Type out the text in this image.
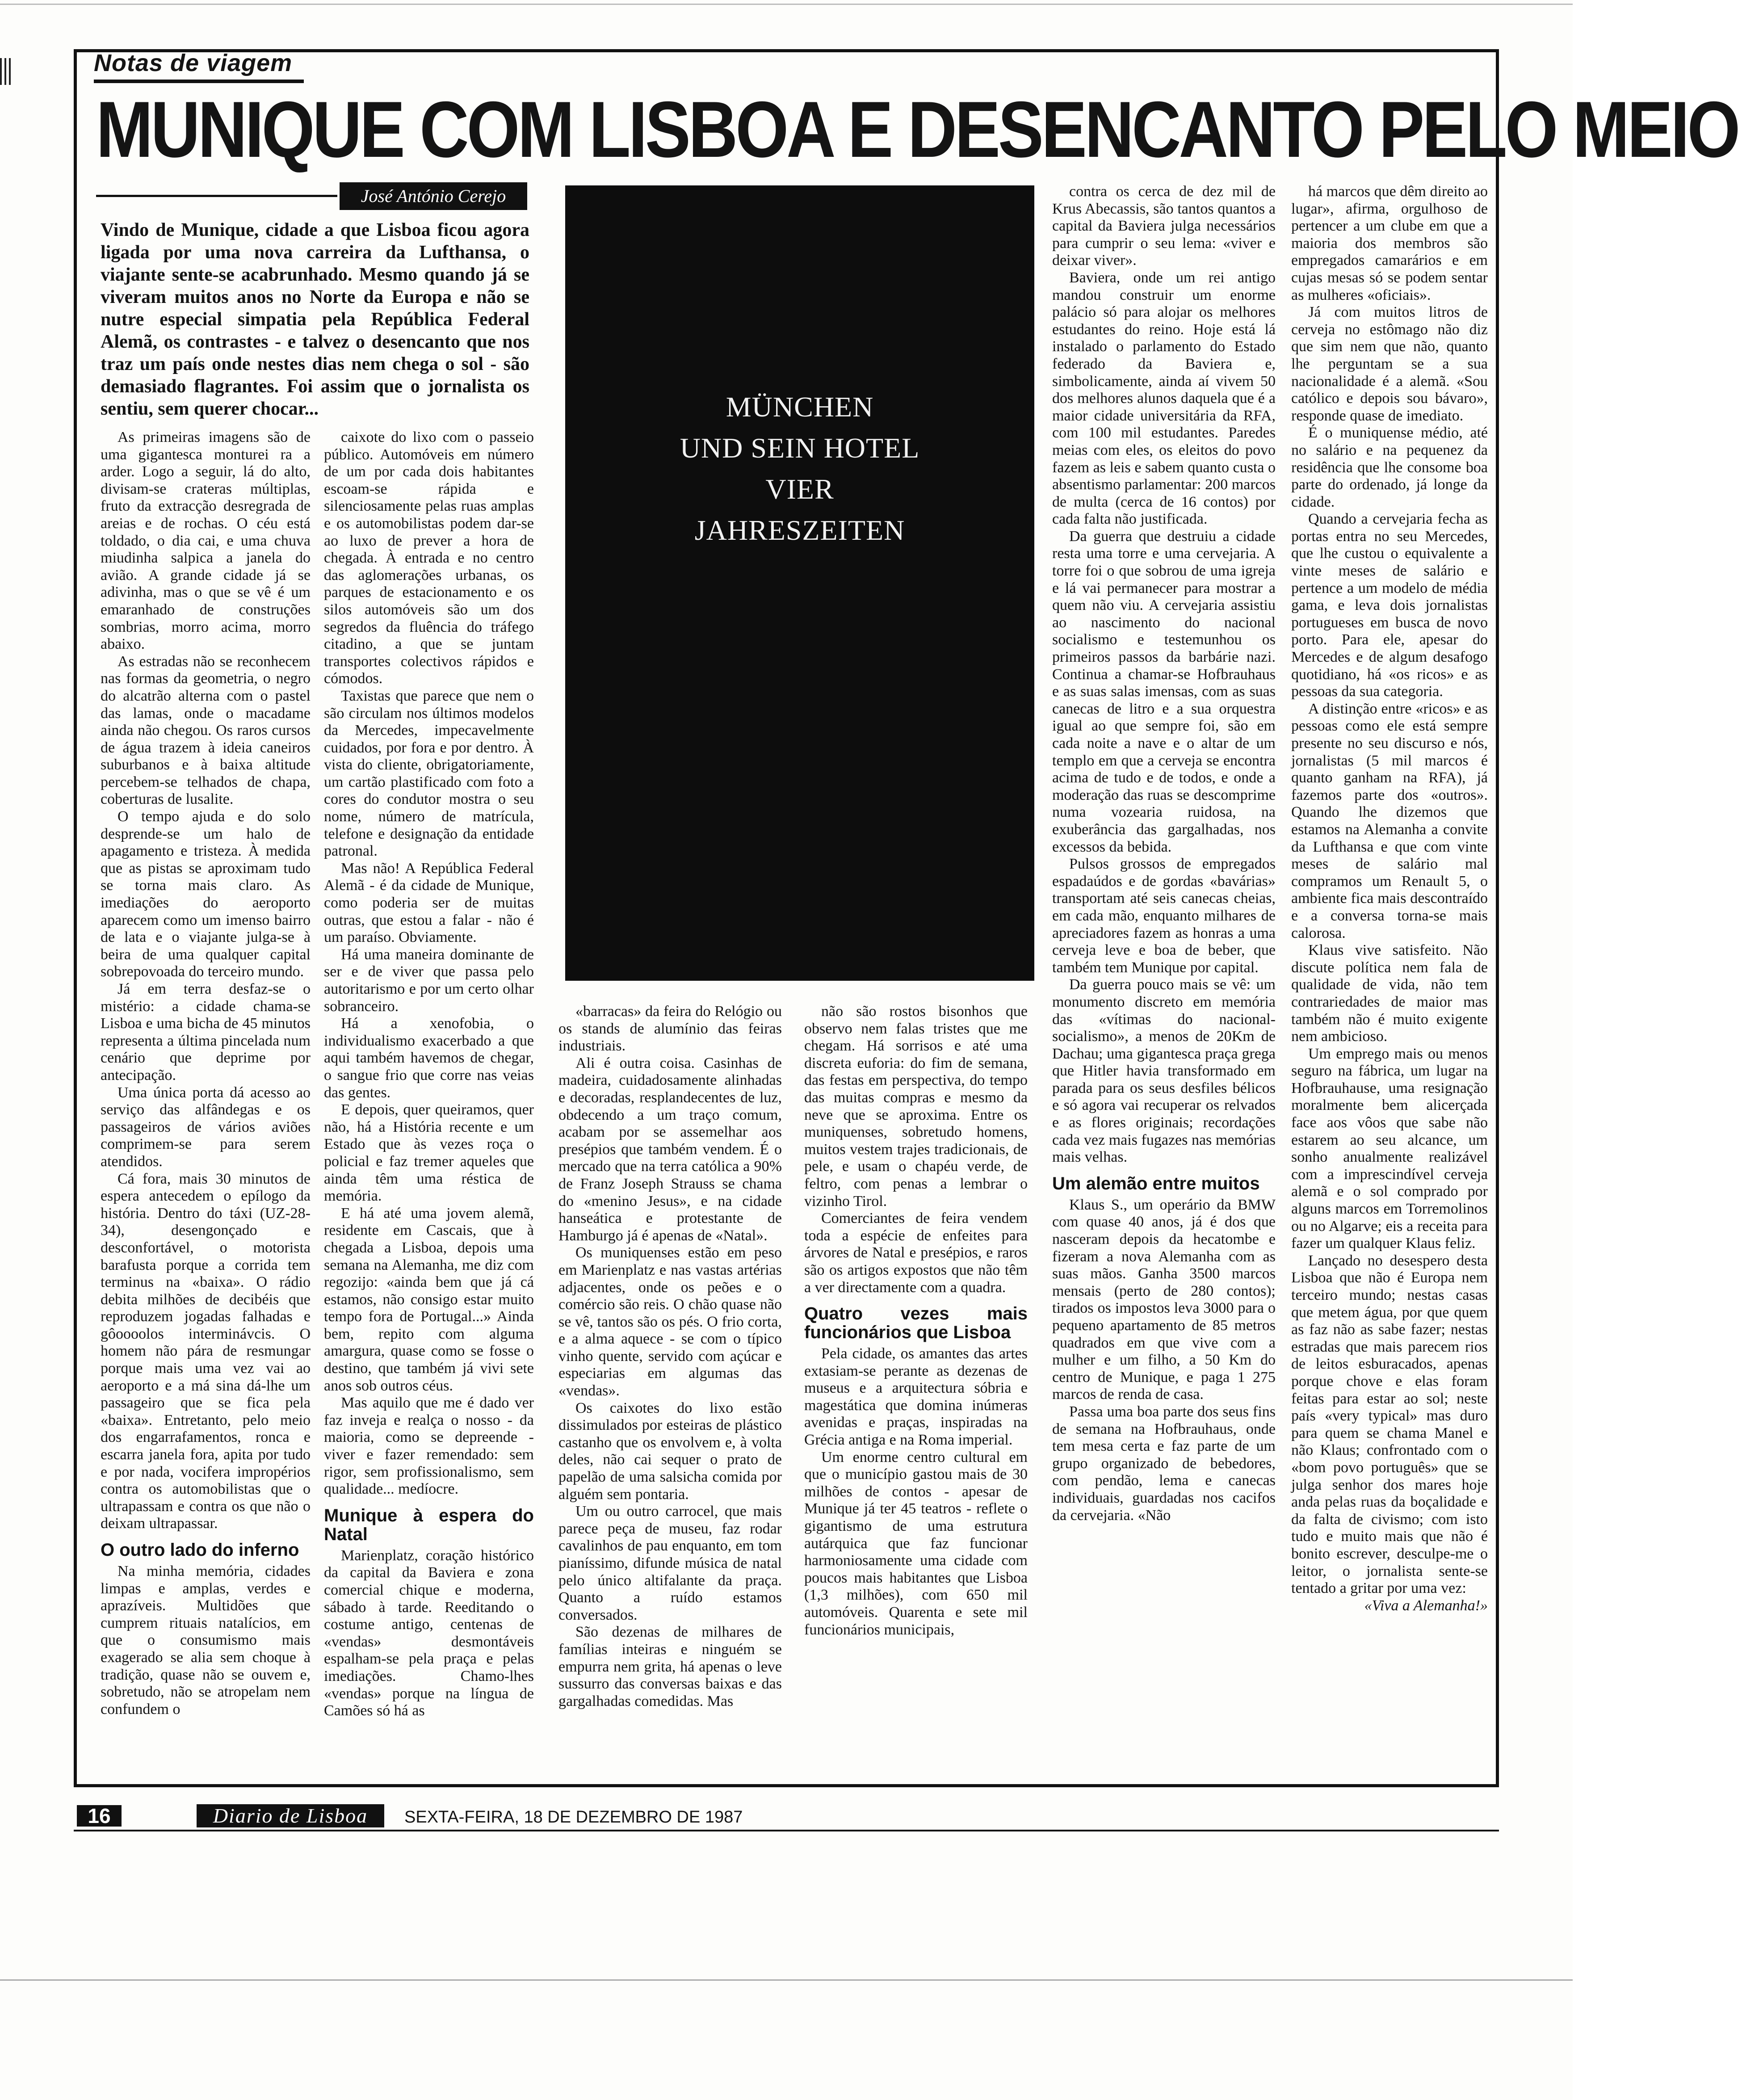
Notas de viagem
MUNIQUE COM LISBOA E DESENCANTO PELO MEIO
José António Cerejo
Vindo de Munique, cidade a que Lisboa ficou agora ligada por uma nova carreira da Lufthansa, o viajante sente-se acabrunhado. Mesmo quando já se viveram muitos anos no Norte da Europa e não se nutre especial simpatia pela República Federal Alemã, os contrastes - e talvez o desencanto que nos traz um país onde nestes dias nem chega o sol - são demasiado flagrantes. Foi assim que o jornalista os sentiu, sem querer chocar...	MÜNCHEN
UND SEIN HOTEL
VIER
JAHRESZEITEN

As primeiras imagens são de uma gigantesca monturei ra a arder. Logo a seguir, lá do alto, divisam-se crateras múltiplas, fruto da extracção desregrada de areias e de rochas. O céu está toldado, o dia cai, e uma chuva miudinha salpica a janela do avião. A grande cidade já se adivinha, mas o que se vê é um emaranhado de construções sombrias, morro acima, morro abaixo.

As estradas não se reconhecem nas formas da geometria, o negro do alcatrão alterna com o pastel das lamas, onde o macadame ainda não chegou. Os raros cursos de água trazem à ideia caneiros suburbanos e à baixa altitude percebem-se telhados de chapa, coberturas de lusalite.

O tempo ajuda e do solo desprende-se um halo de apagamento e tristeza. À medida que as pistas se aproximam tudo se torna mais claro. As imediações do aeroporto aparecem como um imenso bairro de lata e o viajante julga-se à beira de uma qualquer capital sobrepovoada do terceiro mundo.

Já em terra desfaz-se o mistério: a cidade chama-se Lisboa e uma bicha de 45 minutos representa a última pincelada num cenário que deprime por antecipação.

Uma única porta dá acesso ao serviço das alfândegas e os passageiros de vários aviões comprimem-se para serem atendidos.

Cá fora, mais 30 minutos de espera antecedem o epílogo da história. Dentro do táxi (UZ-28-34), desengonçado e desconfortável, o motorista barafusta porque a corrida tem terminus na «baixa». O rádio debita milhões de decibéis que reproduzem jogadas falhadas e gôoooolos interminávcis. O homem não pára de resmungar porque mais uma vez vai ao aeroporto e a má sina dá-lhe um passageiro que se fica pela «baixa». Entretanto, pelo meio dos engarrafamentos, ronca e escarra janela fora, apita por tudo e por nada, vocifera impropérios contra os automobilistas que o ultrapassam e contra os que não o deixam ultrapassar.

O outro lado do inferno

Na minha memória, cidades limpas e amplas, verdes e aprazíveis. Multidões que cumprem rituais natalícios, em que o consumismo mais exagerado se alia sem choque à tradição, quase não se ouvem e, sobretudo, não se atropelam nem confundem o

caixote do lixo com o passeio público. Automóveis em número de um por cada dois habitantes escoam-se rápida e silenciosamente pelas ruas amplas e os automobilistas podem dar-se ao luxo de prever a hora de chegada. À entrada e no centro das aglomerações urbanas, os parques de estacionamento e os silos automóveis são um dos segredos da fluência do tráfego citadino, a que se juntam transportes colectivos rápidos e cómodos.

Taxistas que parece que nem o são circulam nos últimos modelos da Mercedes, impecavelmente cuidados, por fora e por dentro. À vista do cliente, obrigatoriamente, um cartão plastificado com foto a cores do condutor mostra o seu nome, número de matrícula, telefone e designação da entidade patronal.

Mas não! A República Federal Alemã - é da cidade de Munique, como poderia ser de muitas outras, que estou a falar - não é um paraíso. Obviamente.

Há uma maneira dominante de ser e de viver que passa pelo autoritarismo e por um certo olhar sobranceiro.

Há a xenofobia, o individualismo exacerbado a que aqui também havemos de chegar, o sangue frio que corre nas veias das gentes.

E depois, quer queiramos, quer não, há a História recente e um Estado que às vezes roça o policial e faz tremer aqueles que ainda têm uma réstica de memória.

E há até uma jovem alemã, residente em Cascais, que à chegada a Lisboa, depois uma semana na Alemanha, me diz com regozijo: «ainda bem que já cá estamos, não consigo estar muito tempo fora de Portugal...» Ainda bem, repito com alguma amargura, quase como se fosse o destino, que também já vivi sete anos sob outros céus.

Mas aquilo que me é dado ver faz inveja e realça o nosso - da maioria, como se depreende - viver e fazer remendado: sem rigor, sem profissionalismo, sem qualidade... medíocre.

Munique à espera do Natal

Marienplatz, coração histórico da capital da Baviera e zona comercial chique e moderna, sábado à tarde. Reeditando o costume antigo, centenas de «vendas» desmontáveis espalham-se pela praça e pelas imediações. Chamo-lhes «vendas» porque na língua de Camões só há as

«barracas» da feira do Relógio ou os stands de alumínio das feiras industriais.

Ali é outra coisa. Casinhas de madeira, cuidadosamente alinhadas e decoradas, resplandecentes de luz, obdecendo a um traço comum, acabam por se assemelhar aos presépios que também vendem. É o mercado que na terra católica a 90% de Franz Joseph Strauss se chama do «menino Jesus», e na cidade hanseática e protestante de Hamburgo já é apenas de «Natal».

Os muniquenses estão em peso em Marienplatz e nas vastas artérias adjacentes, onde os peões e o comércio são reis. O chão quase não se vê, tantos são os pés. O frio corta, e a alma aquece - se com o típico vinho quente, servido com açúcar e especiarias em algumas das «vendas».

Os caixotes do lixo estão dissimulados por esteiras de plástico castanho que os envolvem e, à volta deles, não cai sequer o prato de papelão de uma salsicha comida por alguém sem pontaria.

Um ou outro carrocel, que mais parece peça de museu, faz rodar cavalinhos de pau enquanto, em tom pianíssimo, difunde música de natal pelo único altifalante da praça. Quanto a ruído estamos conversados.

São dezenas de milhares de famílias inteiras e ninguém se empurra nem grita, há apenas o leve sussurro das conversas baixas e das gargalhadas comedidas. Mas

não são rostos bisonhos que observo nem falas tristes que me chegam. Há sorrisos e até uma discreta euforia: do fim de semana, das festas em perspectiva, do tempo das muitas compras e mesmo da neve que se aproxima. Entre os muniquenses, sobretudo homens, muitos vestem trajes tradicionais, de pele, e usam o chapéu verde, de feltro, com penas a lembrar o vizinho Tirol.

Comerciantes de feira vendem toda a espécie de enfeites para árvores de Natal e presépios, e raros são os artigos expostos que não têm a ver directamente com a quadra.

Quatro vezes mais funcionários que Lisboa

Pela cidade, os amantes das artes extasiam-se perante as dezenas de museus e a arquitectura sóbria e magestática que domina inúmeras avenidas e praças, inspiradas na Grécia antiga e na Roma imperial.

Um enorme centro cultural em que o município gastou mais de 30 milhões de contos - apesar de Munique já ter 45 teatros - reflete o gigantismo de uma estrutura autárquica que faz funcionar harmoniosamente uma cidade com poucos mais habitantes que Lisboa (1,3 milhões), com 650 mil automóveis. Quarenta e sete mil funcionários municipais,

contra os cerca de dez mil de Krus Abecassis, são tantos quantos a capital da Baviera julga necessários para cumprir o seu lema: «viver e deixar viver».

Baviera, onde um rei antigo mandou construir um enorme palácio só para alojar os melhores estudantes do reino. Hoje está lá instalado o parlamento do Estado federado da Baviera e, simbolicamente, ainda aí vivem 50 dos melhores alunos daquela que é a maior cidade universitária da RFA, com 100 mil estudantes. Paredes meias com eles, os eleitos do povo fazem as leis e sabem quanto custa o absentismo parlamentar: 200 marcos de multa (cerca de 16 contos) por cada falta não justificada.

Da guerra que destruiu a cidade resta uma torre e uma cervejaria. A torre foi o que sobrou de uma igreja e lá vai permanecer para mostrar a quem não viu. A cervejaria assistiu ao nascimento do nacional socialismo e testemunhou os primeiros passos da barbárie nazi. Continua a chamar-se Hofbrauhaus e as suas salas imensas, com as suas canecas de litro e a sua orquestra igual ao que sempre foi, são em cada noite a nave e o altar de um templo em que a cerveja se encontra acima de tudo e de todos, e onde a moderação das ruas se descomprime numa vozearia ruidosa, na exuberância das gargalhadas, nos excessos da bebida.

Pulsos grossos de empregados espadaúdos e de gordas «bavárias» transportam até seis canecas cheias, em cada mão, enquanto milhares de apreciadores fazem as honras a uma cerveja leve e boa de beber, que também tem Munique por capital.

Da guerra pouco mais se vê: um monumento discreto em memória das «vítimas do nacional-socialismo», a menos de 20Km de Dachau; uma gigantesca praça grega que Hitler havia transformado em parada para os seus desfiles bélicos e só agora vai recuperar os relvados e as flores originais; recordações cada vez mais fugazes nas memórias mais velhas.

Um alemão entre muitos

Klaus S., um operário da BMW com quase 40 anos, já é dos que nasceram depois da hecatombe e fizeram a nova Alemanha com as suas mãos. Ganha 3500 marcos mensais (perto de 280 contos); tirados os impostos leva 3000 para o pequeno apartamento de 85 metros quadrados em que vive com a mulher e um filho, a 50 Km do centro de Munique, e paga 1 275 marcos de renda de casa.

Passa uma boa parte dos seus fins de semana na Hofbrauhaus, onde tem mesa certa e faz parte de um grupo organizado de bebedores, com pendão, lema e canecas individuais, guardadas nos cacifos da cervejaria. «Não

há marcos que dêm direito ao lugar», afirma, orgulhoso de pertencer a um clube em que a maioria dos membros são empregados camarários e em cujas mesas só se podem sentar as mulheres «oficiais».

Já com muitos litros de cerveja no estômago não diz que sim nem que não, quanto lhe perguntam se a sua nacionalidade é a alemã. «Sou católico e depois sou bávaro», responde quase de imediato.

É o muniquense médio, até no salário e na pequenez da residência que lhe consome boa parte do ordenado, já longe da cidade.

Quando a cervejaria fecha as portas entra no seu Mercedes, que lhe custou o equivalente a vinte meses de salário e pertence a um modelo de média gama, e leva dois jornalistas portugueses em busca de novo porto. Para ele, apesar do Mercedes e de algum desafogo quotidiano, há «os ricos» e as pessoas da sua categoria.

A distinção entre «ricos» e as pessoas como ele está sempre presente no seu discurso e nós, jornalistas (5 mil marcos é quanto ganham na RFA), já fazemos parte dos «outros». Quando lhe dizemos que estamos na Alemanha a convite da Lufthansa e que com vinte meses de salário mal compramos um Renault 5, o ambiente fica mais descontraído e a conversa torna-se mais calorosa.

Klaus vive satisfeito. Não discute política nem fala de qualidade de vida, não tem contrariedades de maior mas também não é muito exigente nem ambicioso.

Um emprego mais ou menos seguro na fábrica, um lugar na Hofbrauhause, uma resignação moralmente bem alicerçada face aos vôos que sabe não estarem ao seu alcance, um sonho anualmente realizável com a imprescindível cerveja alemã e o sol comprado por alguns marcos em Torremolinos ou no Algarve; eis a receita para fazer um qualquer Klaus feliz.

Lançado no desespero desta Lisboa que não é Europa nem terceiro mundo; nestas casas que metem água, por que quem as faz não as sabe fazer; nestas estradas que mais parecem rios de leitos esburacados, apenas porque chove e elas foram feitas para estar ao sol; neste país «very typical» mas duro para quem se chama Manel e não Klaus; confrontado com o «bom povo português» que se julga senhor dos mares hoje anda pelas ruas da boçalidade e da falta de civismo; com isto tudo e muito mais que não é bonito escrever, desculpe-me o leitor, o jornalista sente-se tentado a gritar por uma vez:

«Viva a Alemanha!»

16	Diario de Lisboa	SEXTA-FEIRA, 18 DE DEZEMBRO DE 1987
